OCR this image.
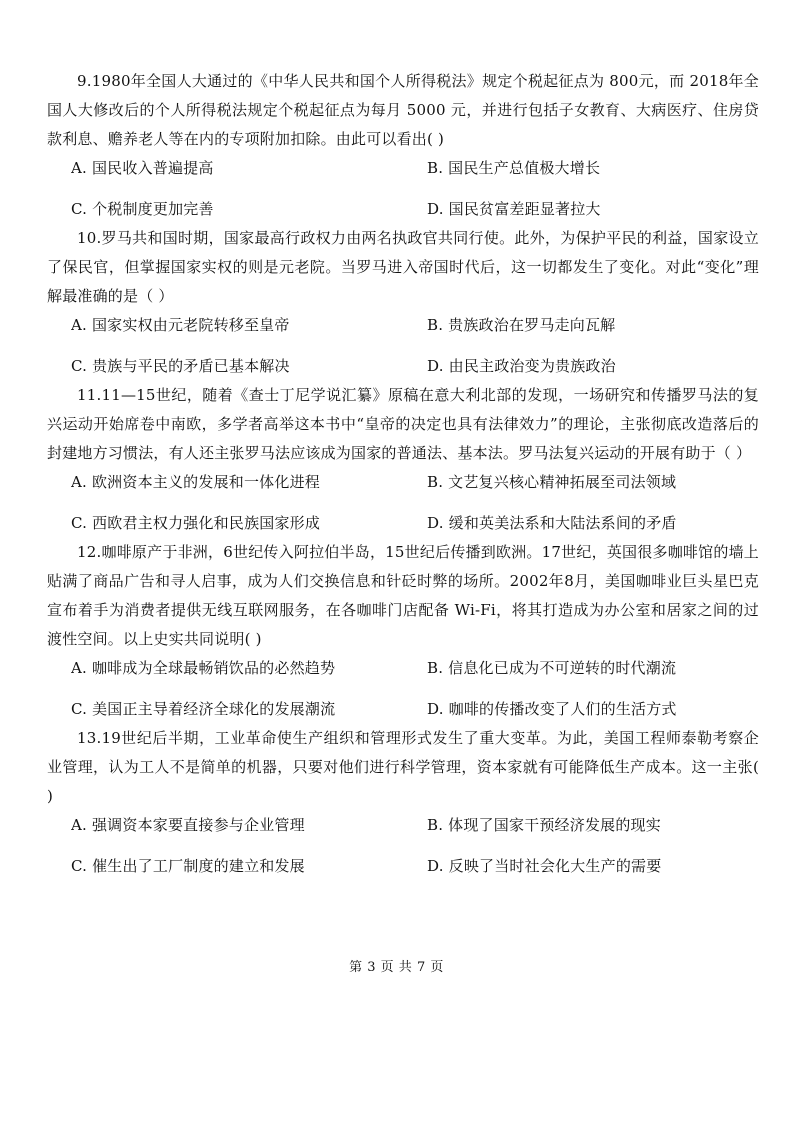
9.1980年全国人大通过的《中华人民共和国个人所得税法》规定个税起征点为 800元，而 2018年全国人大修改后的个人所得税法规定个税起征点为每月 5000 元，并进行包括子女教育、大病医疗、住房贷款利息、赡养老人等在内的专项附加扣除。由此可以看出( )

A. 国民收入普遍提高	B. 国民生产总值极大增长
C. 个税制度更加完善	D. 国民贫富差距显著拉大

10.罗马共和国时期，国家最高行政权力由两名执政官共同行使。此外，为保护平民的利益，国家设立了保民官，但掌握国家实权的则是元老院。当罗马进入帝国时代后，这一切都发生了变化。对此“变化”理解最准确的是（ ）

A. 国家实权由元老院转移至皇帝	B. 贵族政治在罗马走向瓦解
C. 贵族与平民的矛盾已基本解决	D. 由民主政治变为贵族政治

11.11—15世纪，随着《查士丁尼学说汇纂》原稿在意大利北部的发现，一场研究和传播罗马法的复兴运动开始席卷中南欧，多学者高举这本书中“皇帝的决定也具有法律效力”的理论，主张彻底改造落后的封建地方习惯法，有人还主张罗马法应该成为国家的普通法、基本法。罗马法复兴运动的开展有助于（ ）

A. 欧洲资本主义的发展和一体化进程	B. 文艺复兴核心精神拓展至司法领域
C. 西欧君主权力强化和民族国家形成	D. 缓和英美法系和大陆法系间的矛盾

12.咖啡原产于非洲，6世纪传入阿拉伯半岛，15世纪后传播到欧洲。17世纪，英国很多咖啡馆的墙上贴满了商品广告和寻人启事，成为人们交换信息和针砭时弊的场所。2002年8月，美国咖啡业巨头星巴克宣布着手为消费者提供无线互联网服务，在各咖啡门店配备 Wi-Fi，将其打造成为办公室和居家之间的过渡性空间。以上史实共同说明( )

A. 咖啡成为全球最畅销饮品的必然趋势	B. 信息化已成为不可逆转的时代潮流
C. 美国正主导着经济全球化的发展潮流	D. 咖啡的传播改变了人们的生活方式

13.19世纪后半期，工业革命使生产组织和管理形式发生了重大变革。为此，美国工程师泰勒考察企业管理，认为工人不是简单的机器，只要对他们进行科学管理，资本家就有可能降低生产成本。这一主张( )

A. 强调资本家要直接参与企业管理	B. 体现了国家干预经济发展的现实
C. 催生出了工厂制度的建立和发展	D. 反映了当时社会化大生产的需要
第 3 页 共 7 页
